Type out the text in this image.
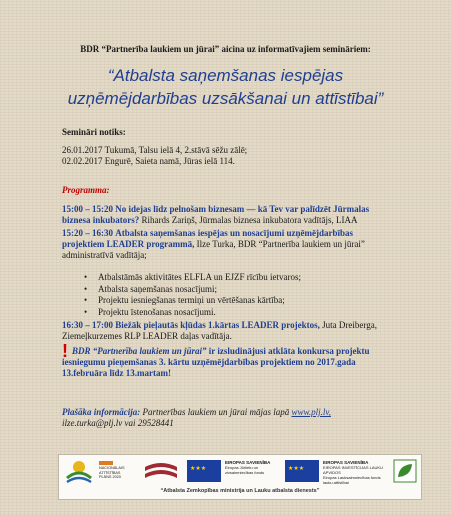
BDR “Partnerība laukiem un jūrai” aicina uz informatīvajiem semināriem:
“Atbalsta saņemšanas iespējas
uzņēmējdarbības uzsākšanai un attīstībai”
Semināri notiks:
26.01.2017 Tukumā, Talsu ielā 4, 2.stāvā sēžu zālē;
02.02.2017 Engurē, Saieta namā, Jūras ielā 114.
Programma:
15:00 – 15:20 No idejas līdz pelnošam biznesam — kā Tev var palīdzēt Jūrmalas biznesa inkubators? Rihards Zariņš, Jūrmalas biznesa inkubatora vadītājs, LIAA
15:20 – 16:30 Atbalsta saņemšanas iespējas un nosacījumi uzņēmējdarbības projektiem LEADER programmā, Ilze Turka, BDR “Partnerība laukiem un jūrai” administratīvā vadītāja;
• Atbalstāmās aktivitātes ELFLA un EJZF rīcību ietvaros;
• Atbalsta saņemšanas nosacījumi;
• Projektu iesniegšanas termiņi un vērtēšanas kārtība;
• Projektu īstenošanas nosacījumi.
16:30 – 17:00 Biežāk pieļautās kļūdas 1.kārtas LEADER projektos, Juta Dreiberga, Ziemeļkurzemes RLP LEADER daļas vadītāja.
! BDR “Partnerība laukiem un jūrai” ir izsludinājusi atklāta konkursa projektu iesniegumu pieņemšanas 3. kārtu uzņēmējdarbības projektiem no 2017.gada 13.februāra līdz 13.martam!
Plašāka informācija: Partnerības laukiem un jūrai mājas lapā www.plj.lv,
ilze.turka@plj.lv vai 29528441
NACIONĀLAIS
ATTĪSTĪBAS
PLĀNS 2020
★★★
EIROPAS SAVIENĪBA
Eiropas Jūrlietu un
zivsaimniecības fonds
★★★
EIROPAS SAVIENĪBA
EIROPAS INVESTĪCIJAS LAUKU APVIDOS
Eiropas Lauksaimniecības fonds
lauku attīstībai
“Atbalsta Zemkopības ministrija un Lauku atbalsta dienests”
